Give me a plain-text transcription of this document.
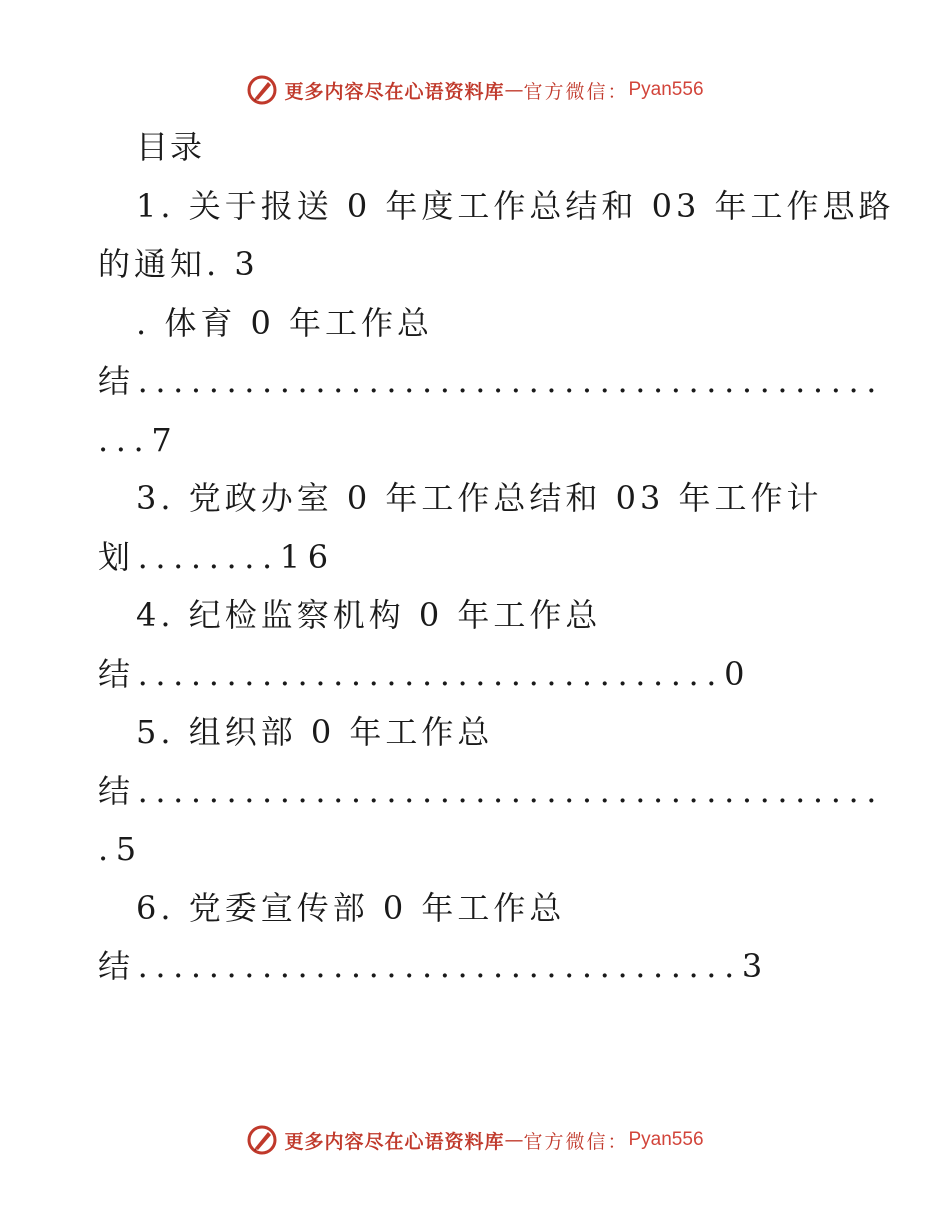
更多内容尽在心语资料库 — 官方微信： Pyan556
目录
1. 关于报送 0 年度工作总结和 03 年工作思路
的通知. 3
. 体育 0 年工作总
结..........................................
...7
3. 党政办室 0 年工作总结和 03 年工作计
划........16
4. 纪检监察机构 0 年工作总
结.................................0
5. 组织部 0 年工作总
结..........................................
.5
6. 党委宣传部 0 年工作总
结..................................3
更多内容尽在心语资料库 — 官方微信： Pyan556
